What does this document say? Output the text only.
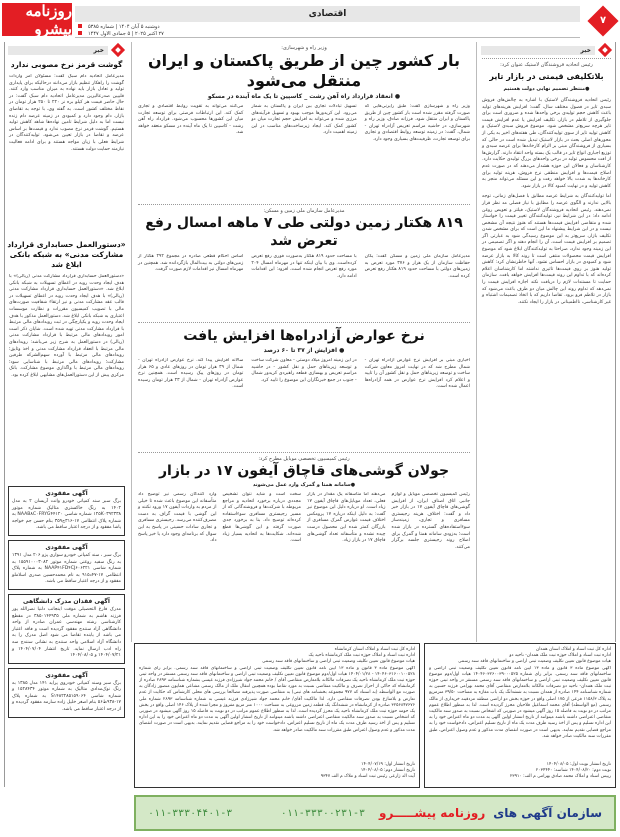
روزنامه پیشرو
اقتصادی
دوشنبه ۵ آبان ۱۴۰۴ | شماره ۵۳۸۵
۲۷ اکتبر ۲۰۲۵ | ۵ جمادی الاول ۱۴۴۷
۷
خبر
رئیس اتحادیه فروشندگان لاستیک عنوان کرد:
بلاتکلیفی قیمتی در بازار تایر
●منتظر تصمیم نهایی دولت هستیم
رئیس اتحادیه فروشندگان لاستیک با اشاره به چالش‌های فروش سبدی تایر در فصول مختلف سال، گفت: افزایش هزینه‌های تولید باعث کاهش حجم تولیدی برخی واحدها شده و ضروری است برای جلوگیری از تلاطم در بازار، تکلیف افزایش یا عدم افزایش قیمت تایر هرچه سریع‌تر مشخص شود. موضوع فروش سبدی لاستیک و کاهش تولید تایر از سوی تولیدکنندگان، طی هفته‌های اخیر به یکی از محورهای اصلی بحث در بازار لاستیک تبدیل شده است در حالی که بسیاری از فروشندگان مبنی بر الزام کارخانه‌ها برای عرضه سبدی و توزیع اجباری انواع تایر در قالب یک بسته واحد انتقاد دارند. گزارش‌ها از افت محسوس تولید در برخی واحدهای بزرگ تولیدی حکایت دارد. کارشناسان و فعالان این حوزه هشدار می‌دهند که در صورت عدم اصلاح قیمت‌ها و افزایش منطقی نرخ فروش، هزینه تولید برای کارخانه‌ها به شدت بالا خواهد رفت و این مسئله می‌تواند منجر به کاهش تولید و در نهایت کمبود کالا در بازار شود.
اما تولیدکنندگان به شرایط عرضه مطابق با فصل‌های زمانی، توجه بالایی ندارند و الگوی عرضه را مطابق با نیاز فصلی مد نظر قرار نمی‌دهند. رئیس اتحادیه فروشندگان لاستیک، فیلتر و تعویض روغن ادامه داد: در این شرایط نیز، تولیدکنندگان تغییر قیمت را خواستار شده و متقاضی افزایش قیمت‌ها هستند که هنوز نتیجه آن مشخص نیست و در این شرایط پیشنهاد ما این است که برای مشخص شدن تکلیف بازار، سریع‌تر به این موضوع رسیدگی شود به عبارتی اگر تصمیم بر افزایش قیمت است، آن را انجام دهند و اگر تصمیمی در این زمینه وجود ندارد، صراحتا به تولیدکنندگان ابلاغ شود که موضوع افزایش قیمت محصولات منتفی است تا روند کالا به بازار عرضه شود و کمبودی در بازار احساس نشود. آنها خاطرنشان کرد: کاهش تولید هنوز بر روی قیمت‌ها تاثیری نداشته اما کارشناسان اعلام کرده‌اند که با تداوم این روند قیمت‌ها افزایش خواهد یافت. سازمان حمایت تا مستندات لازم را دریافت نکند اجازه افزایش قیمت را نمی‌دهد که تداوم روند این چالش میان دو طرف باعث می‌شود که بازار در تلاطم فرو برود. تقاضا داریم که با اتخاذ تصمیمات اشتباه و غیر کارشناسی، نااطمینانی در بازار را ایجاد نکنند.
وزیر راه و شهرسازی:
بار کشور چین از طریق پاکستان و ایران منتقل می‌شود
● انعقاد قرارداد راه آهن رشت _ کاسپین تا یک ماه آینده در مسکو
وزیر راه و شهرسازی گفت: طبق رایزنی‌هایی که صورت گرفته مقرر شده است بار کشور چین از طریق پاکستان و ایران منتقل شود. فرزانه صادق، وزیر راه و شهرسازی، در حاشیه مراسم تعریض آزادراه تهران - شمال، گفت: در زمینه توسعه روابط اقتصادی و تجاری برای توسعه تجارت، ظرفیت‌های بسیاری وجود دارد.
تسهیل تبادلات تجاری بین ایران و پاکستان به شمار می‌رود. این کریدورها موجب بهبود و تسهیل فرآیندهای مرزی شده و می‌تواند به افزایش حجم تجارت میان دو کشور کمک کند. ایجاد زیرساخت‌های مناسب در این زمینه اهمیت دارد.
می‌کنند می‌تواند به تقویت روابط اقتصادی و تجاری کمک کند. این ارتباطات فرصتی برای توسعه تجارت میان این کشورها محسوب می‌شود. قرارداد راه آهن رشت - کاسپین تا یک ماه آینده در مسکو منعقد خواهد شد.
مدیرعامل سازمان ملی زمین و مسکن:
۸۱۹ هکتار زمین دولتی طی ۷ ماهه امسال رفع تعرض شد
مدیرعامل سازمان ملی زمین و مسکن گفت: یگان حفاظت سازمان از یک هزار و ۳۷۶ مورد تعرض به زمین‌های دولتی با مساحت حدود ۸۱۹ هکتار رفع تعرض کرده است.
با مساحت حدود ۸۱۹ هکتار به‌صورت فوری رفع تعرض کرده‌است. وی با بیان اینکه تنها در مهرماه امسال ۲۰۴ مورد رفع تعرض انجام شده است، افزود: این اقدامات ادامه دارد.
اساس احکام قطعی صادره در مجموع ۲۹۲ هکتار از زمین‌های دولتی به بیت‌المال بازگردانده شد. همچنین در مهرماه امسال نیز اقدامات لازم صورت گرفت.
نرخ عوارض آزادراه‌ها افزایش یافت
● افزایش از ۳۷ تا ۶۰ درصد
اخباری مبنی بر افزایش نرخ عوارض آزادراه تهران - شمال مطرح شد که در نهایت امروز معاون شرکت ساخت و توسعه زیربناهای حمل و نقل کشور آن را تایید و اعلام کرد افزایش نرخ عوارض در همه آزادراه‌ها اعمال شده است.
در این زمینه امروز میلاد دوستی - معاون شرکت ساخت و توسعه زیربناهای حمل و نقل کشور - در حاشیه مراسم تعریض و بهسازی قطعه راهبردی کریدور شمال - جنوب در جمع خبرنگاران این موضوع را تایید کرد.
سالانه افزایش پیدا کند. نرخ عوارض آزادراه تهران - شمال از ۳۹ هزار تومان در روزهای عادی و ۶۵ هزار تومان در روزهای پیک رسیده است. همچنین نرخ عوارض آزادراه تهران - شمال از ۲۳ هزار تومان رسیده است.
رئیس کمیسیون تخصصی موبایل مطرح کرد:
جولان گوشی‌های قاچاق آیفون ۱۷ در بازار
●سامانه همتا و گمرک وارد عمل می‌شوند
رئیس کمیسیون تخصصی موبایل و لوازم جانبی اتاق اصناف ایران، از افزایش گوشی‌های قاچاق آیفون ۱۷ در بازار خبر داد و گفت: اختلاف هزینه رجیستری مسافری و تجاری، زمینه‌ساز سوءاستفاده‌های گسترده در بازار شده است؛ به‌زودی سامانه همتا و گمرک برای اصلاح روند رجیستری جلسه برگزار می‌کنند.
می‌دهند اما متأسفانه یک مقدار در بازار فعلی، تعداد موبایل‌های قاچاق آیفون ۱۷ زیاد است. او درباره دلیل این موضوع نیز گفت: به دلیل اینکه درباره ۱۷ پرومکس اختلاف قیمت عوارض گمرک مسافری از بازرگان کمتر شده این محصول درست چیده نشده و متأسفانه تعداد گوشی‌های قاچاق ۱۷ در بازار زیاد.
سخت است و شاید نتوان تشخیص مجددی درباره برخورد اتحادیه و مراجع مربوطه با شرکت‌ها و فروشندگانی که از مسیر رجیستری مسافری سوءاستفاده کرده‌اند توضیح داد. بنا به برخورد جدی صورت گرفته و این گوشی‌ها قطع شده‌اند. شکایت‌ها به اتحادیه بسیار زیاد است.
وارد کنندگان رسمی نیز توضیح داد متأسفانه این موضوع باعث شده تا خیلی از مردم به واردات آیفون ۱۷ ورود نکنند و این گوشی با قیمت گزاف به دست مصرف‌کننده می‌رسد. رجیستری مسافری و تجاری سادات حسینی در پاسخ به این سوال که برنامه‌ای وجود دارد یا خیر پاسخ داد.
خبر
گوشت قرمز نرخ مصوبی ندارد
مدیرعامل اتحادیه دام سبک گفت: مسئولان امر واردات گوشت را راهکار تنظیم بازار می‌دانند درحالیکه برای پایداری تولید و تعادل بازار باید نهاده به میزان مناسب وارد کنند. قلیپین صدرعالیزین مدیرعامل اتحادیه دام سبک گفت: در حال حاضر قیمت هر کیلو بره نر ۲۲۰ تا ۲۵۰ هزار تومان در نقاط مختلف کشور است. به گفته وی، با توجه به تقاضای بازار، دام وجود دارد و کمبودی در زمینه عرضه دام زنده نیست اما به دلیل شرایط تامین نهاده‌ها شاهد کاهش تولید هستیم. گوشت قرمز نرخ مصوب ندارد و قیمت‌ها بر اساس عرضه و تقاضا در بازار تعیین می‌شود. تولیدکنندگان در شرایط فعلی با زیان مواجه هستند و برای ادامه فعالیت نیازمند حمایت دولت هستند.
«دستورالعمل حسابداری قرارداد مشارکت مدنی» به شبکه بانکی ابلاغ شد
«دستورالعمل حسابداری قرارداد مشارکت مدنی (ریالی)» با هدف ایجاد وحدت رویه در اعطای تسهیلات به شبکه بانکی ابلاغ شد. «دستورالعمل حسابداری قرارداد مشارکت مدنی (ریالی)» با هدف ایجاد وحدت رویه در اعطای تسهیلات در قالب عقد مشارکت مدنی و نیز ارتقاء شفافیت صورت‌های مالی با تصویب کمیسیون مقررات و نظارت موسسات اعتباری به شبکه بانکی ابلاغ شد. دستورالعمل مذکور با هدف ایجاد وحدت رویه و یکپارچگی در ثبت رویدادهای مالی مرتبط با قرارداد مشارکت مدنی تهیه شده است. شایان ذکر است امور رویدادهای مالی مرتبط با قرارداد مشارکت مدنی (ریالی) در دستورالعمل به شرح زیر می‌باشد: رویدادهای مالی مرتبط با انعقاد قرارداد مشارکت مدنی و اخذ وثایق؛ رویدادهای مالی مرتبط با آورده سهم‌الشرکه طرفین مشارکت؛ رویدادهای مالی مرتبط با شناسایی سود؛ رویدادهای مالی مرتبط با واگذاری موضوع مشارکت. بانک مرکزی پیش از این دستورالعمل‌های مشابهی ابلاغ کرده بود.
آگهی مفقودی
برگ سبز سند کمپانی خودرو وانت آریسان ۲ به مدل ۱۴۰۲ به رنگ خاکستری متالیک شماره موتور ۱۲۵K۰۳۹۲۳۳۸ شماره شاسی NAAB۸C۰FRYG۴۴۱۲۰ به شماره پلاک انتظامی ۱۷-۳۱۶ج۳۵۹ بنام حسن جم خواجه پاشا مفقود و از درجه اعتبار ساقط می باشد.
آگهی مفقودی
برگ سبز ، سند کمپانی خودرو سواری پژو ۲۰۶ مدل ۱۳۹۱ به رنگ سفید روغنی شماره موتور ۱۵۵۹۱۰۰۰۳۰۸۲ به شماره شاسی NAAP۴۱FD۴CJ۶۰۶۲۲۱ به شماره پلاک انتظامی ۱۷-۴۷د۹۱۵ به نام محمدحسین صدری اسلاملو مفقود و از درجه اعتبار ساقط می باشد.
آگهی فقدان مدرک دانشگاهی
مدرک فارغ التحصیلی موقت اینجانب دلنیا نصرالله پور فرزند هاشم به شماره ملی ۳۸۵۰۱۴۴۹۳۵ در مقطع کارشناسی رشته مهندسی عمران صادره از واحد دانشگاهی آزاد سنندج مفقود گردیده است و فاقد اعتبار می باشد از یابنده تقاضا می شود اصل مدرک را به دانشگاه آزاد اسلامی واحد سنندج به نشانی سنندج سه راه ادب ارسال نماید. تاریخ انتشار ۱۴۰۴/۰۷/۰۴ و ۱۴۰۴/۰۷/۲۱ و ۱۴۰۴/۰۸/۰۵
آگهی مفقودی
برگ سبز وسند کمپانی خودروی پراید ۱۴۱ مدل ۱۳۸۵ به رنگ نوک‌مدادی متالیک به شماره موتور ۱۵۲۸۴۳۴ و شماره شاسی S۱۴۸۲۲۸۵۱۵۹۰۶۴ به شماره پلاک ۱۷-۹۳۸ط۵۶ بنام اصغر خلیل زاده سارمه مفقود گردیده و از درجه اعتبار ساقط می باشد.
اداره کل ثبت اسناد و املاک استان همدان
اداره ثبت اسناد و املاک حوزه ثبت ملک همدان- ناحیه دو
هیات موضوع قانون تعیین تکلیف وضعیت ثبتی اراضی و ساختمانهای فاقد سند رسمی
آگهی موضوع ماده ۳ قانون و ماده ۱۳ آیین نامه قانون تعیین تکلیف وضعیت ثبتی اراضی و ساختمانهای فاقد سند رسمی. برابر رای شماره ۱۴۰۴۶۰۳۲۶۰۰۳۹۰۰۰۵۲۵ هیات اول/دوم موضوع قانون تعیین تکلیف وضعیت ثبتی اراضی و ساختمانهای فاقد سند رسمی مستقر در واحد ثبتی حوزه ثبت ملک همدان- ناحیه دو تصرفات مالکانه بلامعارض متقاضی آقای محمد بهرامی فرزند حسین به شماره شناسنامه ۱۴۴ صادره از همدان نسبت به ششدانگ یک باب مغازه به مساحت ۳۹/۵۰ مترمربع به پلاک ۱۱۵۸/۳ فرعی از ۱۷۵ اصلی واقع در حوزه بخش دو اراضی منطقه مزدقینه خریداری از مالک رسمی (مع الواسطه) آقای محمد اسماعیل فلاحیان محرز گردیده است. لذا به منظور اطلاع عموم مراتب در دو نوبت به فاصله ۱۵ روز آگهی میشود در صورتی که اشخاص نسبت به صدور سند مالکیت متقاضی اعتراضی داشته باشند میتوانند از تاریخ انتشار اولین آگهی به مدت دو ماه اعتراض خود را به این اداره تسلیم و پس از اخذ رسید ظرف مدت یک ماه از تاریخ تسلیم اعتراض، دادخواست خود را به مراجع قضایی تقدیم نمایند. بدیهی است در صورت انقضای مدت مذکور و عدم وصول اعتراض، طبق مقررات سند مالکیت صادر خواهد شد.
تاریخ انتشار نوبت اول: ۱۴۰۴/۰۸/۰۵
نوبت دوم: ۱۴۰۴/۰۸/۲۰ شناسه: ۲۰۳۴۴۴۰
رییس اسناد و املاک محمد صادق بهرامی م الف: ۲۳۹۱۰
اداره کل ثبت اسناد و املاک استان کرمانشاه
اداره ثبت اسناد و املاک حوزه ثبت ملک کرمانشاه ناحیه یک
هیات موضوع قانون تعیین تکلیف وضعیت ثبتی اراضی و ساختمانهای فاقد سند رسمی
آگهی موضوع ماده ۳ قانون و ماده ۱۳ آیین نامه قانون تعیین تکلیف وضعیت ثبتی اراضی و ساختمانهای فاقد سند رسمی. برابر رای شماره ۱۴۰۴۶۰۳۱۶۰۰۱۰۰۵۲۸ - ۱۴۰۴/۰۱/۲۸ هیات اول/دوم موضوع قانون تعیین تکلیف وضعیت ثبتی اراضی و ساختمانهای فاقد سند رسمی مستقر در واحد ثبتی حوزه ثبت ملک کرمانشاه ناحیه یک تصرفات مالکانه بلامعارض متقاضی آقای / خانم محمد جواد شیرزادی فرزند عیسی بشماره شناسنامه ۲۸۹۳ صادره از کرمانشاه که حاکی از احراز تصرف و مالکیت متقاضی نسبت به مورد تقاضا بوده همچنین انتقال ملک از مالک رسمی مشاعی همایون منصور زادگان به صورت مع الواسطه (به استناد که ۹۷۷ مجموعه بخشنامه های ثبتی) به متقاضی صورت پذیرفته مصالحا بررسی های محلی کارشناس که حکایت از عدم تعارض و بلامنازع بودن تصرفات متقاضی دارد. لذا مالکیت آقای/ خانم محمد جواد شیرزادی فرزند عیسی به شماره شناسنامه ۲۸۹۳ شماره ملی ۳۲۵۶۸۴۷۶۷۶ صادره از کرمانشاه در ششدانگ یک قطعه زمین مزروعی به مساحت ۱۰۰۰ متر مربع مفروز و مجزا شده از پلاک ۱۴۶ اصلی واقع در بخش یک حومه حوزه ثبت ملک کرمانشاه ناحیه یک محرز گردیده است. لذا به منظور اطلاع عموم مراتب در دو نوبت به فاصله ۱۵ روز آگهی میشود در صورتی که اشخاص نسبت به صدور سند مالکیت متقاضی اعتراضی داشته باشند میتوانند از تاریخ انتشار اولین آگهی به مدت دو ماه اعتراض خود را به این اداره تسلیم و پس از اخذ رسید ظرف مدت یک ماه از تاریخ تسلیم اعتراض، دادخواست خود را به مراجع قضایی تقدیم نمایند. بدیهی است در صورت انقضای مدت مذکور و عدم وصول اعتراض طبق مقررات سند مالکیت صادر خواهد شد.
تاریخ انتشار اول: ۱۴۰۴/۰۷/۱۹
تاریخ انتشار دوم: ۱۴۰۴/۰۸/۰۵
آیت اله زارعی رئیس ثبت اسناد و ملاک م الف ۹۳۴۷
سازمان آگهی های
روزنامه پیشـــــرو
۰۱۱-۳۳۳۰۰۲۳۱-۳
۰۱۱-۳۳۳۰۴۴۰۱-۳
